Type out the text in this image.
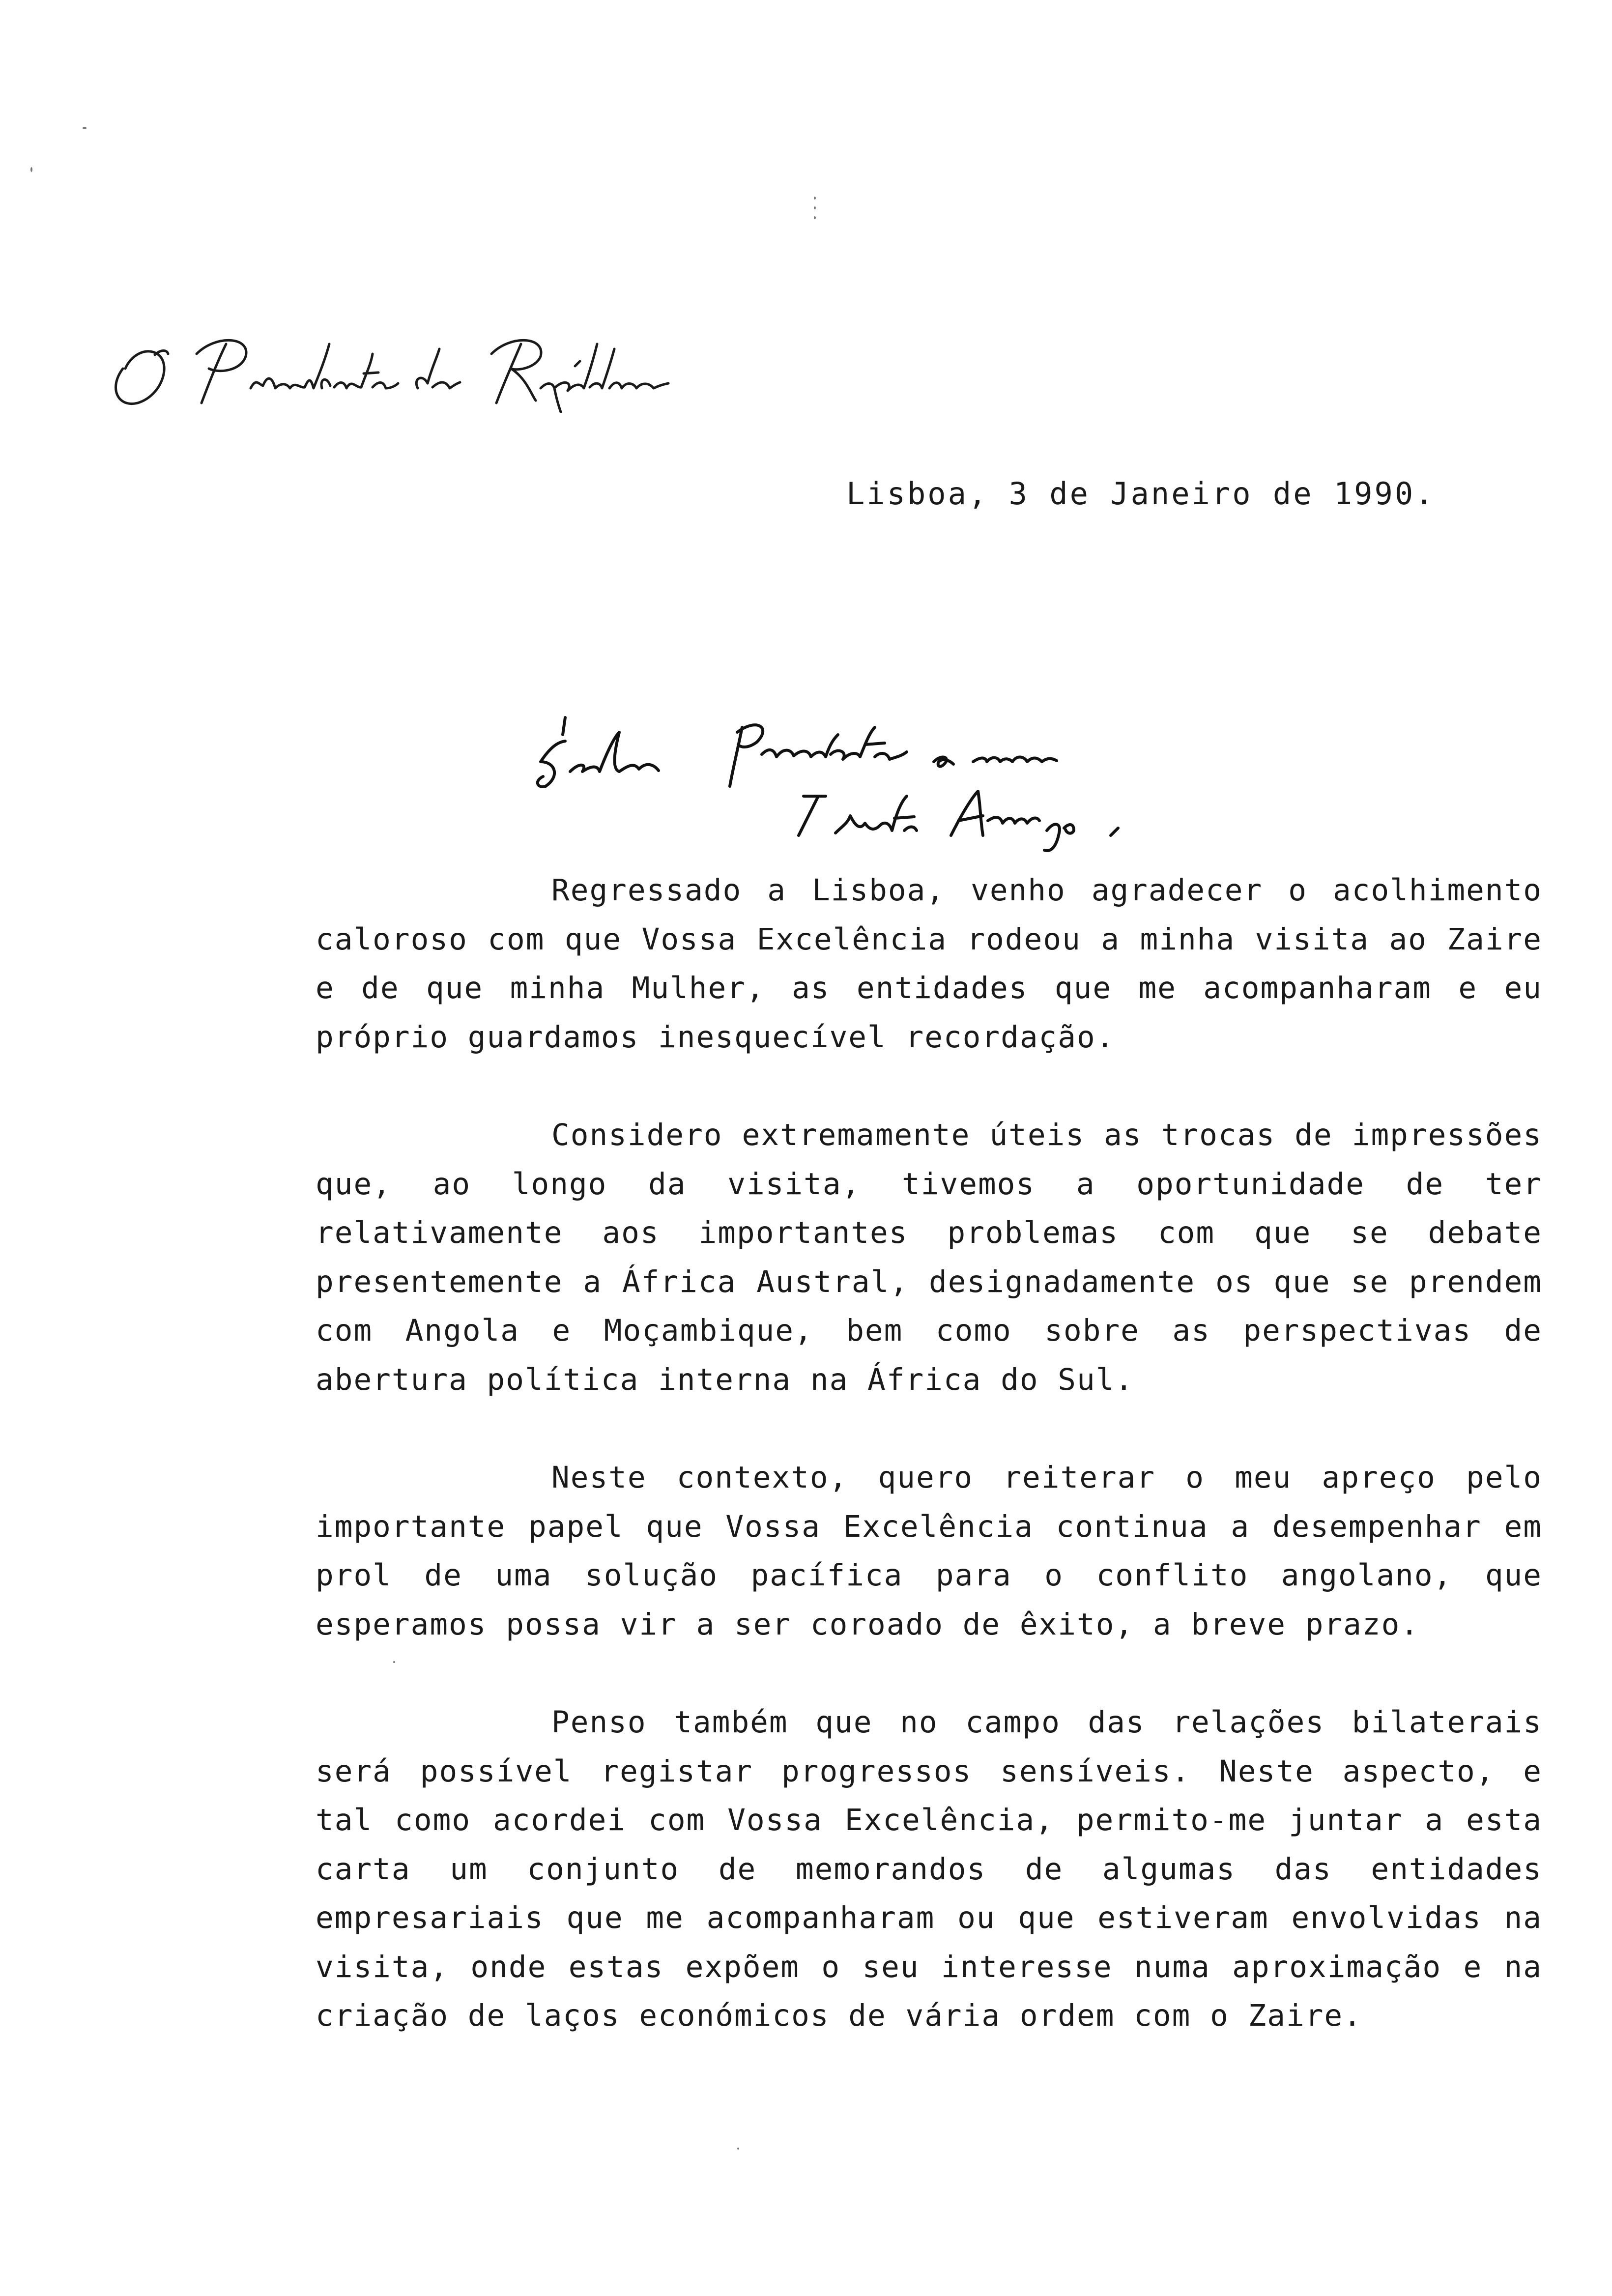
Lisboa, 3 de Janeiro de 1990.

Regressado a Lisboa, venho agradecer o acolhimento caloroso com que Vossa Excelência rodeou a minha visita ao Zaire e de que minha Mulher, as entidades que me acompanharam e eu próprio guardamos inesquecível recordação.

Considero extremamente úteis as trocas de impressões que, ao longo da visita, tivemos a oportunidade de ter relativamente aos importantes problemas com que se debate presentemente a África Austral, designadamente os que se prendem com Angola e Moçambique, bem como sobre as perspectivas de abertura política interna na África do Sul.

Neste contexto, quero reiterar o meu apreço pelo importante papel que Vossa Excelência continua a desempenhar em prol de uma solução pacífica para o conflito angolano, que esperamos possa vir a ser coroado de êxito, a breve prazo.

Penso também que no campo das relações bilaterais será possível registar progressos sensíveis. Neste aspecto, e tal como acordei com Vossa Excelência, permito-me juntar a esta carta um conjunto de memorandos de algumas das entidades empresariais que me acompanharam ou que estiveram envolvidas na visita, onde estas expõem o seu interesse numa aproximação e na criação de laços económicos de vária ordem com o Zaire.
